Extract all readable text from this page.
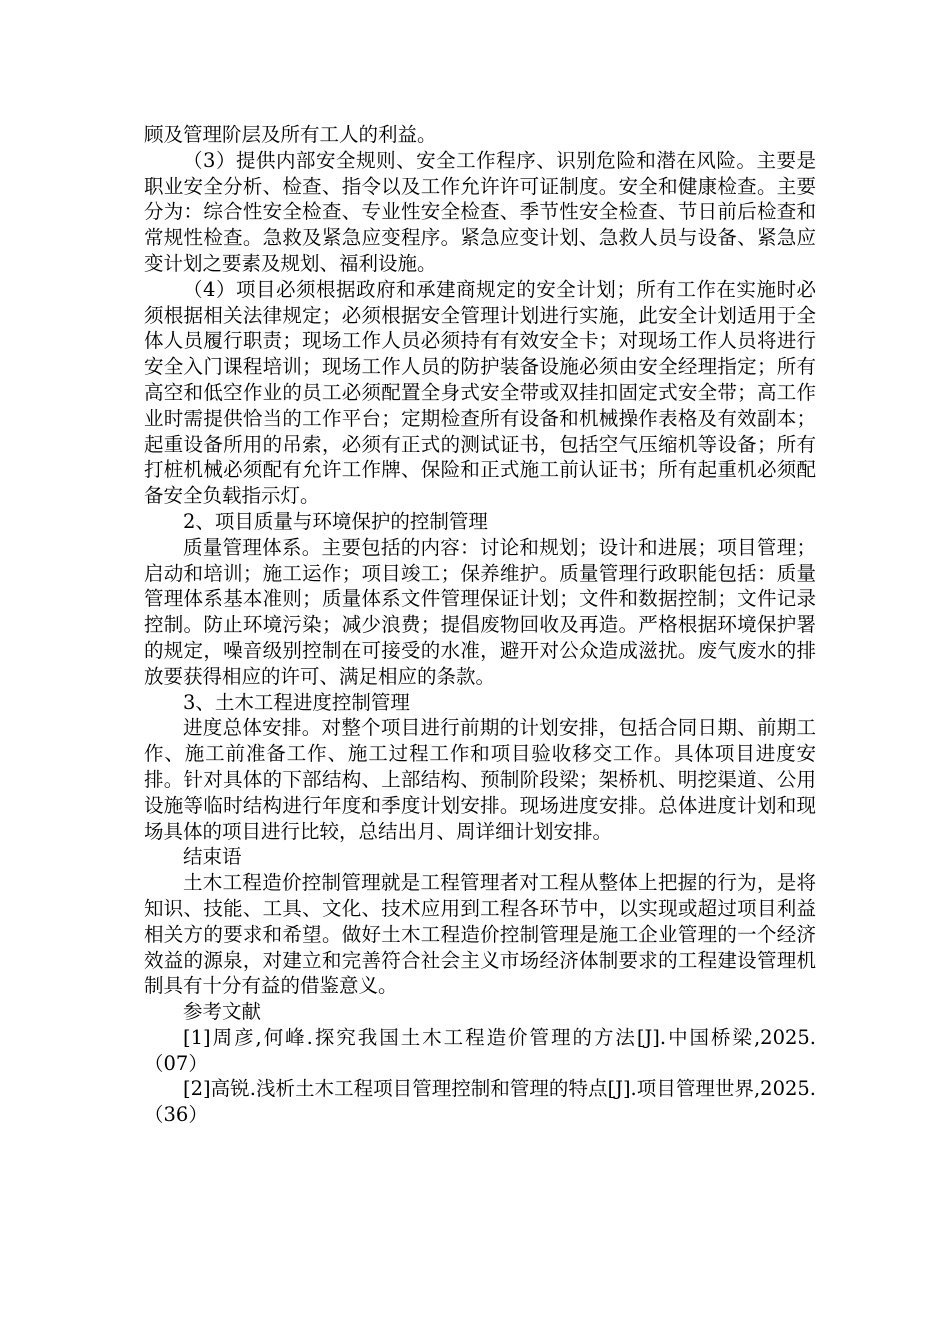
顾及管理阶层及所有工人的利益。

（3）提供内部安全规则、安全工作程序、识别危险和潜在风险。主要是职业安全分析、检查、指令以及工作允许许可证制度。安全和健康检查。主要分为：综合性安全检查、专业性安全检查、季节性安全检查、节日前后检查和常规性检查。急救及紧急应变程序。紧急应变计划、急救人员与设备、紧急应变计划之要素及规划、福利设施。

（4）项目必须根据政府和承建商规定的安全计划；所有工作在实施时必须根据相关法律规定；必须根据安全管理计划进行实施，此安全计划适用于全体人员履行职责；现场工作人员必须持有有效安全卡；对现场工作人员将进行安全入门课程培训；现场工作人员的防护装备设施必须由安全经理指定；所有高空和低空作业的员工必须配置全身式安全带或双挂扣固定式安全带；高工作业时需提供恰当的工作平台；定期检查所有设备和机械操作表格及有效副本；起重设备所用的吊索，必须有正式的测试证书，包括空气压缩机等设备；所有打桩机械必须配有允许工作牌、保险和正式施工前认证书；所有起重机必须配备安全负载指示灯。

2、项目质量与环境保护的控制管理

质量管理体系。主要包括的内容：讨论和规划；设计和进展；项目管理；启动和培训；施工运作；项目竣工；保养维护。质量管理行政职能包括：质量管理体系基本准则；质量体系文件管理保证计划；文件和数据控制；文件记录控制。防止环境污染；减少浪费；提倡废物回收及再造。严格根据环境保护署的规定，噪音级别控制在可接受的水准，避开对公众造成滋扰。废气废水的排放要获得相应的许可、满足相应的条款。

3、土木工程进度控制管理

进度总体安排。对整个项目进行前期的计划安排，包括合同日期、前期工作、施工前准备工作、施工过程工作和项目验收移交工作。具体项目进度安排。针对具体的下部结构、上部结构、预制阶段梁；架桥机、明挖渠道、公用设施等临时结构进行年度和季度计划安排。现场进度安排。总体进度计划和现场具体的项目进行比较，总结出月、周详细计划安排。

结束语

土木工程造价控制管理就是工程管理者对工程从整体上把握的行为，是将知识、技能、工具、文化、技术应用到工程各环节中，以实现或超过项目利益相关方的要求和希望。做好土木工程造价控制管理是施工企业管理的一个经济效益的源泉，对建立和完善符合社会主义市场经济体制要求的工程建设管理机制具有十分有益的借鉴意义。

参考文献

[1]周彦,何峰.探究我国土木工程造价管理的方法[J].中国桥梁,2025.（07）

[2]高锐.浅析土木工程项目管理控制和管理的特点[J].项目管理世界,2025.（36）
